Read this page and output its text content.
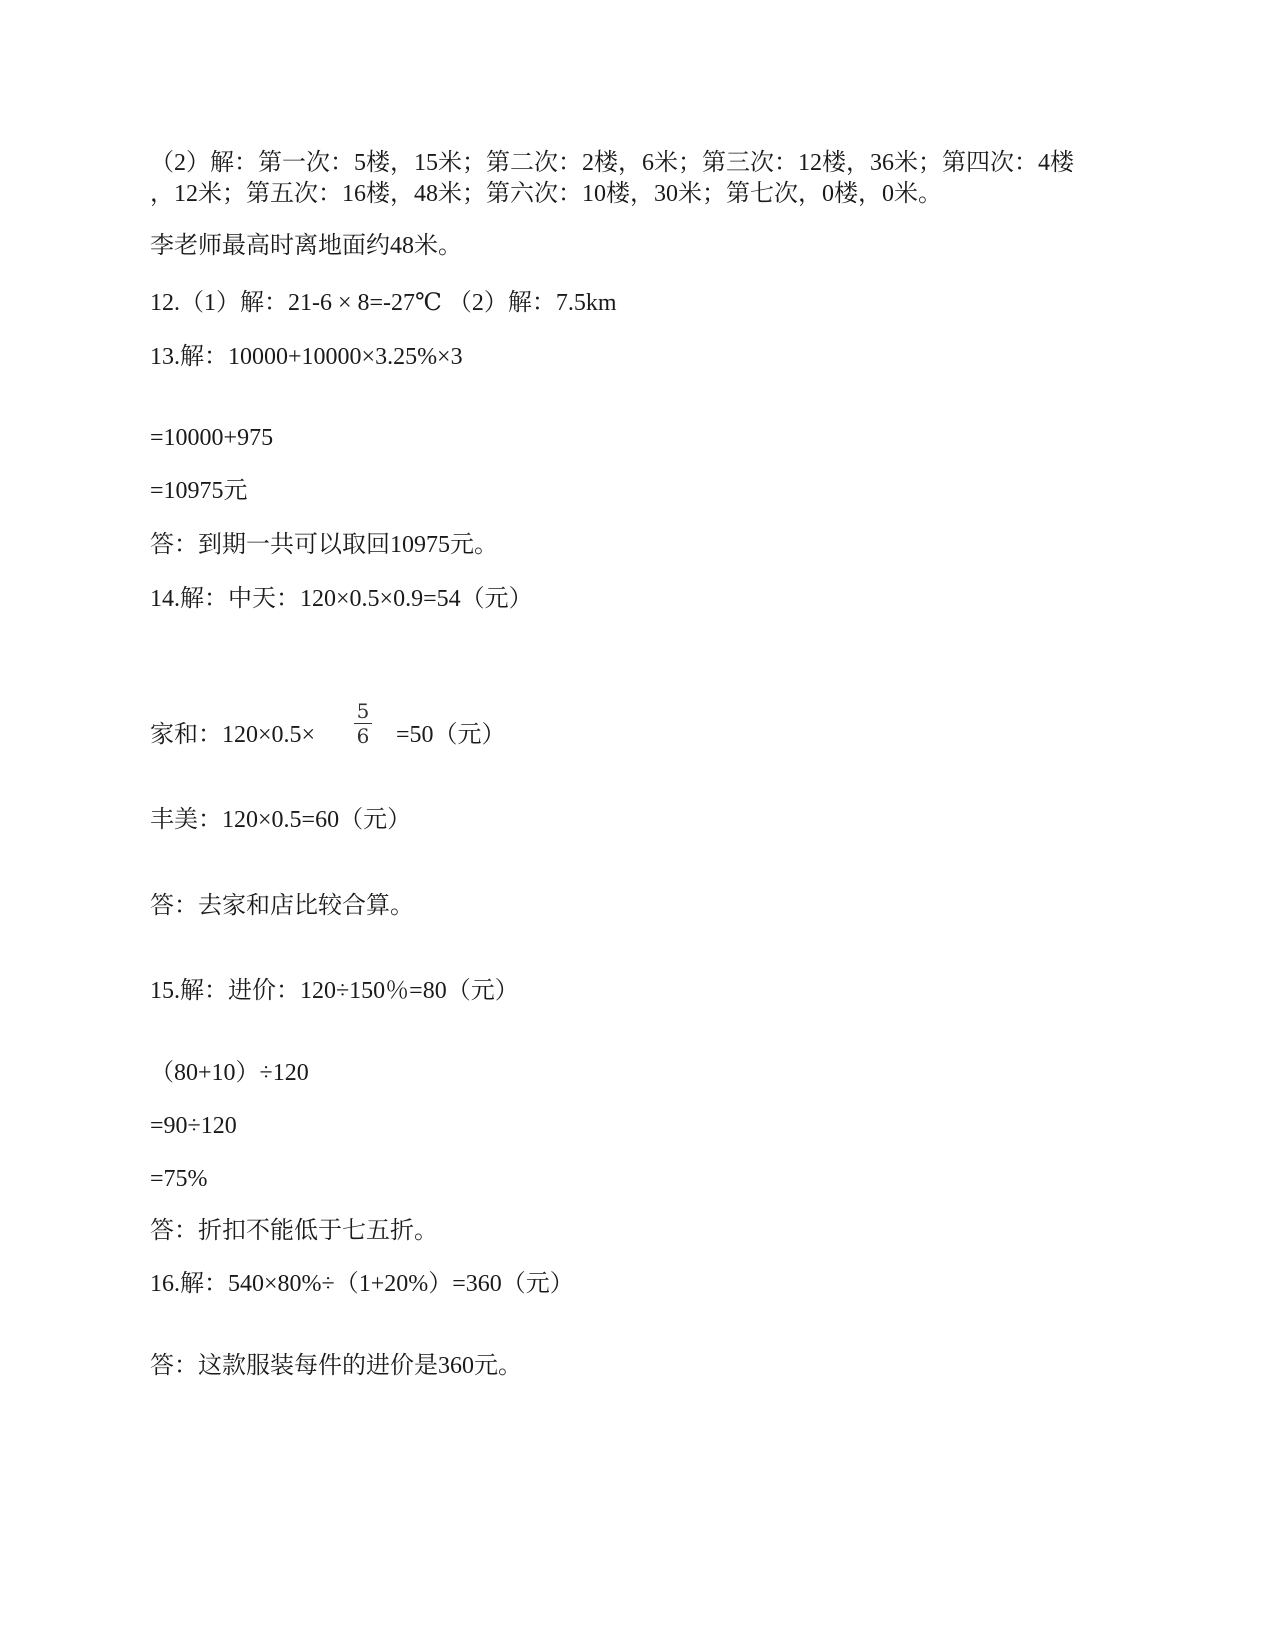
（2）解：第一次：5楼，15米；第二次：2楼，6米；第三次：12楼，36米；第四次：4楼
，12米；第五次：16楼，48米；第六次：10楼，30米；第七次，0楼，0米。
李老师最高时离地面约48米。
12.（1）解：21-6 × 8=-27℃ （2）解：7.5km
13.解：10000+10000×3.25%×3
=10000+975
=10975元
答：到期一共可以取回10975元。
14.解：中天：120×0.5×0.9=54（元）
家和：120×0.5×
5
6 =50（元）
丰美：120×0.5=60（元）
答：去家和店比较合算。
15.解：进价：120÷150％=80（元）
（80+10）÷120
=90÷120
=75%
答：折扣不能低于七五折。
16.解：540×80%÷（1+20%）=360（元）
答：这款服装每件的进价是360元。
